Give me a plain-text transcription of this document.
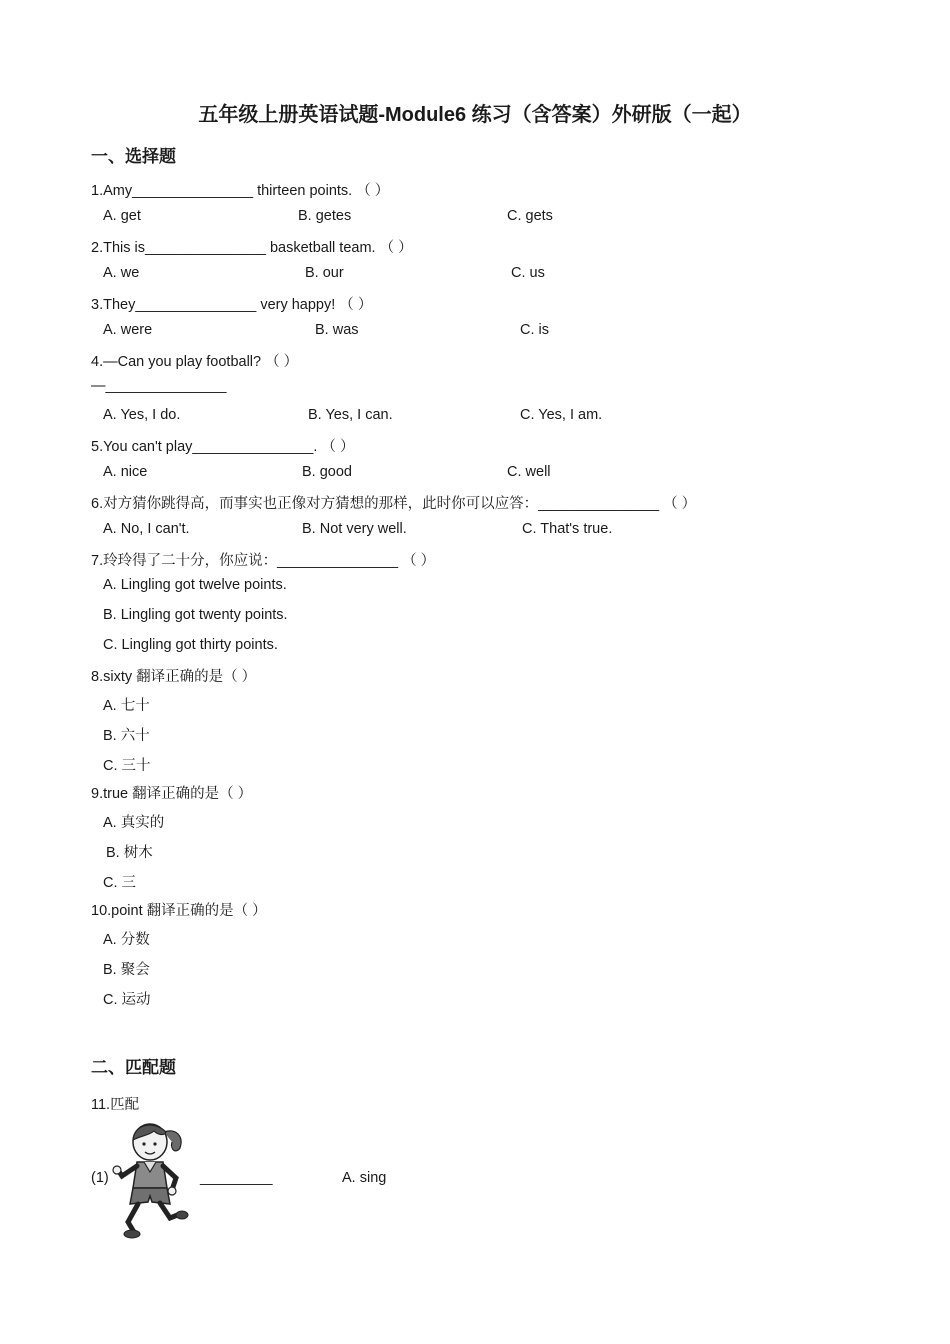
五年级上册英语试题-Module6 练习（含答案）外研版（一起）
一、选择题
1.Amy_______________ thirteen points. （ ）
A. get	B. getes	C. gets
2.This is_______________ basketball team. （ ）
A. we	B. our	C. us
3.They_______________ very happy! （ ）
A. were	B. was	C. is
4.—Can you play football? （ ）
—_______________
A. Yes, I do.	B. Yes, I can.	C. Yes, I am.
5.You can't play_______________. （ ）
A. nice	B. good	C. well
6.对方猜你跳得高，而事实也正像对方猜想的那样，此时你可以应答：_______________ （ ）
A. No, I can't.	B. Not very well.	C. That's true.
7.玲玲得了二十分，你应说：_______________ （ ）
A. Lingling got twelve points.
B. Lingling got twenty points.
C. Lingling got thirty points.
8.sixty 翻译正确的是（ ）
A. 七十
B. 六十
C. 三十
9.true 翻译正确的是（ ）
A. 真实的
B. 树木
C. 三
10.point 翻译正确的是（ ）
A. 分数
B. 聚会
C. 运动
二、匹配题
11.匹配
(1)	_________	A. sing
